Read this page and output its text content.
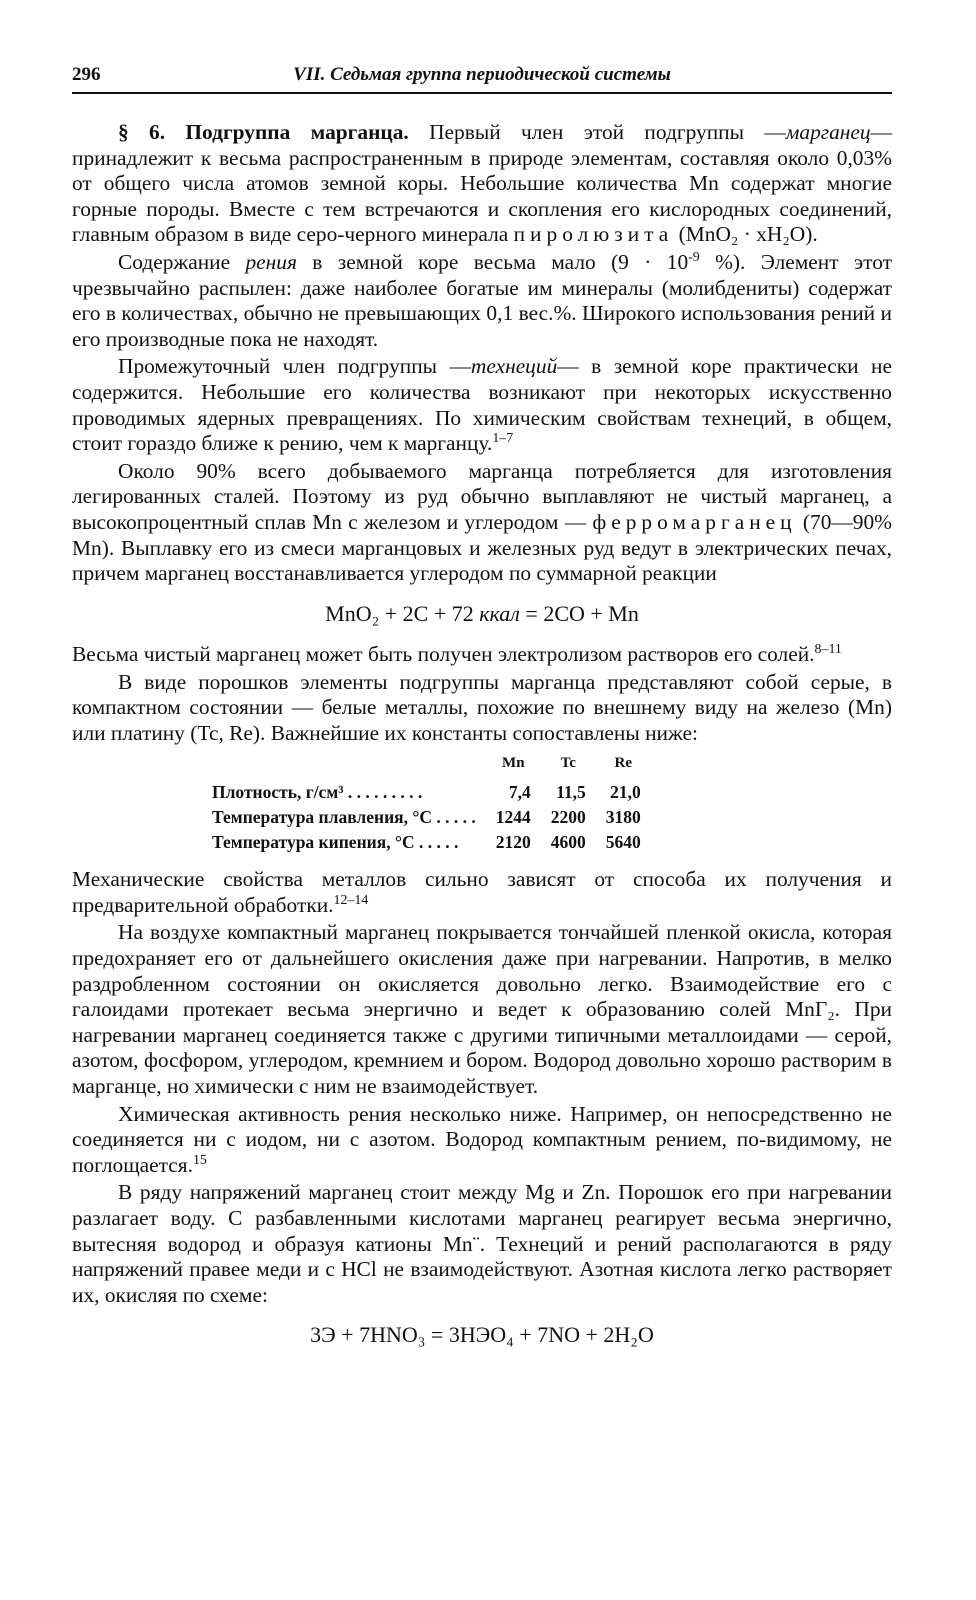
296	VII. Седьмая группа периодической системы

§ 6. Подгруппа марганца. Первый член этой подгруппы —марганец— принадлежит к весьма распространенным в природе элементам, составляя около 0,03% от общего числа атомов земной коры. Небольшие количества Mn содержат многие горные породы. Вместе с тем встречаются и скопления его кислородных соединений, главным образом в виде серо-черного минерала пиролюзита (MnO₂ · xH₂O).

Содержание рения в земной коре весьма мало ($9 \cdot 10^{-9}$ %). Элемент этот чрезвычайно распылен: даже наиболее богатые им минералы (молибдениты) содержат его в количествах, обычно не превышающих 0,1 вес.%. Широкого использования рений и его производные пока не находят.

Промежуточный член подгруппы —технеций— в земной коре практически не содержится. Небольшие его количества возникают при некоторых искусственно проводимых ядерных превращениях. По химическим свойствам технеций, в общем, стоит гораздо ближе к рению, чем к марганцу.$^{1-7}$

Около 90% всего добываемого марганца потребляется для изготовления легированных сталей. Поэтому из руд обычно выплавляют не чистый марганец, а высокопроцентный сплав Mn с железом и углеродом — ферромарганец (70—90% Mn). Выплавку его из смеси марганцовых и железных руд ведут в электрических печах, причем марганец восстанавливается углеродом по суммарной реакции

MnO₂ + 2C + 72 ккал = 2CO + Mn

Весьма чистый марганец может быть получен электролизом растворов его солей.$^{8-11}$

В виде порошков элементы подгруппы марганца представляют собой серые, в компактном состоянии — белые металлы, похожие по внешнему виду на железо (Mn) или платину (Tc, Re). Важнейшие их константы сопоставлены ниже:

	Mn	Tc	Re
Плотность, г/см³ . . . . . . . . .	7,4	11,5	21,0
Температура плавления, °С . . . . .	1244	2200	3180
Температура кипения, °С . . . . .	2120	4600	5640

Механические свойства металлов сильно зависят от способа их получения и предварительной обработки.$^{12-14}$

На воздухе компактный марганец покрывается тончайшей пленкой окисла, которая предохраняет его от дальнейшего окисления даже при нагревании. Напротив, в мелко раздробленном состоянии он окисляется довольно легко. Взаимодействие его с галоидами протекает весьма энергично и ведет к образованию солей MnГ₂. При нагревании марганец соединяется также с другими типичными металлоидами — серой, азотом, фосфором, углеродом, кремнием и бором. Водород довольно хорошо растворим в марганце, но химически с ним не взаимодействует.

Химическая активность рения несколько ниже. Например, он непосредственно не соединяется ни с иодом, ни с азотом. Водород компактным рением, по-видимому, не поглощается.$^{15}$

В ряду напряжений марганец стоит между Mg и Zn. Порошок его при нагревании разлагает воду. С разбавленными кислотами марганец реагирует весьма энергично, вытесняя водород и образуя катионы Mn¨. Технеций и рений располагаются в ряду напряжений правее меди и с HCl не взаимодействуют. Азотная кислота легко растворяет их, окисляя по схеме:

3Э + 7HNO₃ = 3HЭO₄ + 7NO + 2H₂O
